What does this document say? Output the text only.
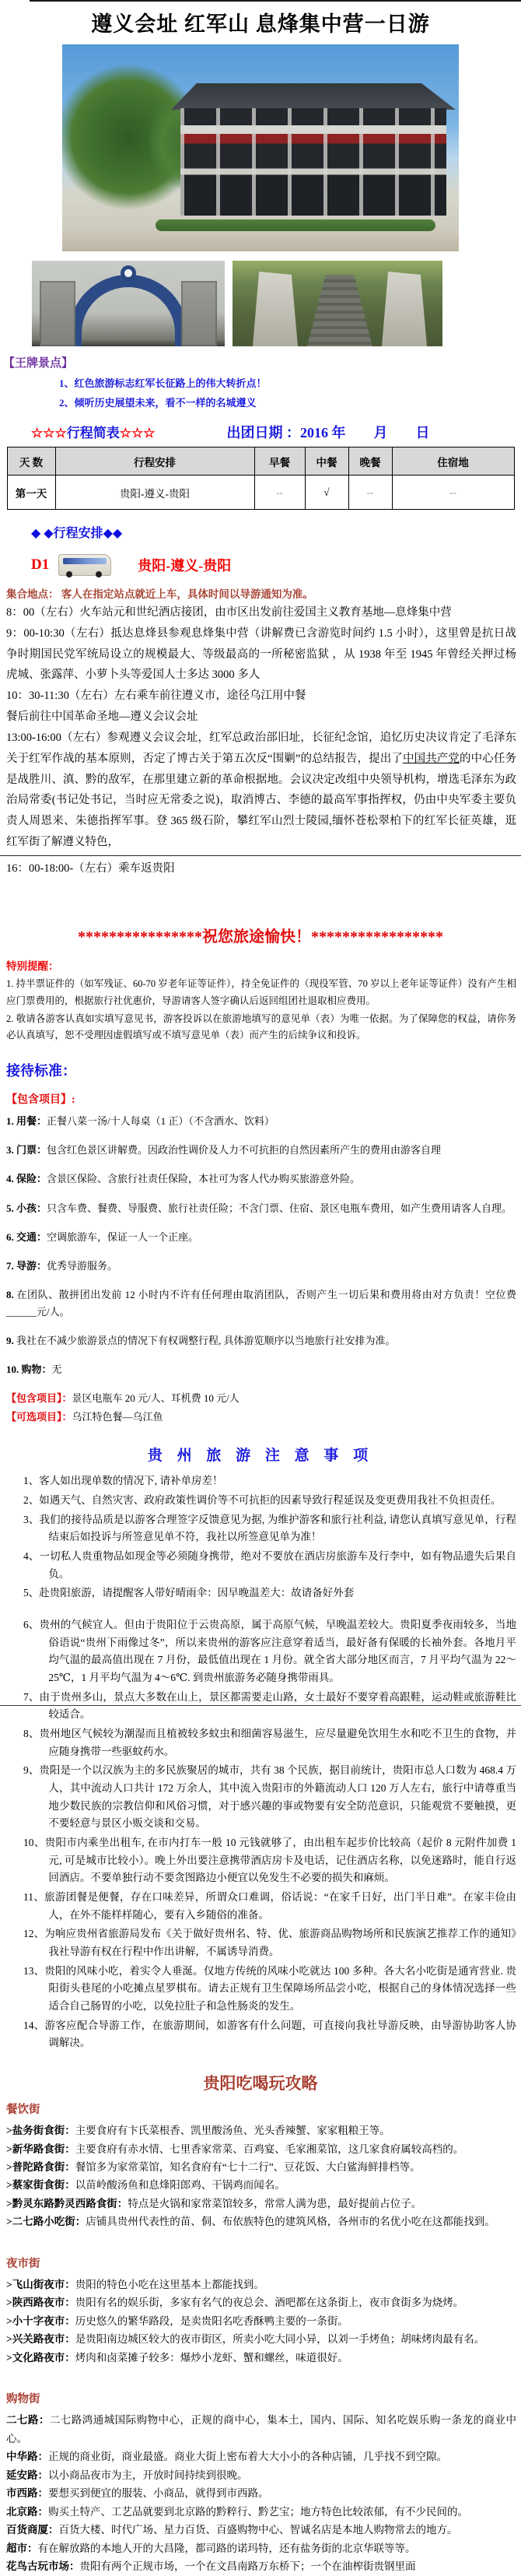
遵义会址 红军山 息烽集中营一日游
【王牌景点】
1、红色旅游标志红军长征路上的伟大转折点！
2、倾听历史展望未来，看不一样的名城遵义
☆☆☆ 行程简表 ☆☆☆	出团日期 ：2016 年　　月　　日
天 数	行程安排	早餐	中餐	晚餐	住宿地
第一天	贵阳-遵义-贵阳	--	√	--	--
◆ ◆行程安排◆◆
D1	贵阳-遵义-贵阳
集合地点： 客人在指定站点就近上车，具体时间以导游通知为准。
8：00（左右）火车站元和世纪酒店接团，由市区出发前往爱国主义教育基地—息烽集中营
9：00-10:30（左右）抵达息烽县参观息烽集中营（讲解费已含游览时间约 1.5 小时），这里曾是抗日战争时期国民党军统局设立的规模最大、等级最高的一所秘密监狱 ，从 1938 年至 1945 年曾经关押过杨虎城、张露萍、小萝卜头等爱国人士多达 3000 多人
10：30-11:30（左右）左右乘车前往遵义市，途径乌江用中餐
餐后前往中国革命圣地—遵义会议会址

13:00-16:00（左右）参观遵义会议会址，红军总政治部旧址，长征纪念馆，追忆历史决议肯定了毛泽东关于红军作战的基本原则，否定了博古关于第五次反“围剿”的总结报告，提出了中国共产党的中心任务是战胜川、滇、黔的敌军，在那里建立新的革命根据地。会议决定改组中央领导机构，增选毛泽东为政治局常委(书记处书记，当时应无常委之说)，取消博古、李德的最高军事指挥权，仍由中央军委主要负责人周恩来、朱德指挥军事。登 365 级石阶，攀红军山烈士陵园,缅怀苍松翠柏下的红军长征英雄，逛红军街了解遵义特色，

16：00-18:00-（左右）乘车返贵阳
****************祝您旅途愉快！*****************
特别提醒：
1. 持半票证件的（如军残证、60-70 岁老年证等证件），持全免证件的（现役军管、70 岁以上老年证等证件）没有产生相应门票费用的，根据旅行社优惠价，导游请客人签字确认后返回组团社退取相应费用。
2. 敬请各游客认真如实填写意见书，游客投诉以在旅游地填写的意见单（表）为唯一依据。为了保障您的权益，请你务必认真填写，恕不受理因虚假填写或不填写意见单（表）而产生的后续争议和投诉。
接待标准：
【包含项目】:
1. 用餐：正餐八菜一汤/十人每桌（1 正）（不含酒水、饮料）
3. 门票：包含红色景区讲解费。因政治性调价及人力不可抗拒的自然因素所产生的费用由游客自理
4. 保险：含景区保险、含旅行社责任保险，本社可为客人代办购买旅游意外险。
5. 小孩：只含车费、餐费、导服费、旅行社责任险；不含门票、住宿、景区电瓶车费用，如产生费用请客人自理。
6. 交通：空调旅游车，保证一人一个正座。
7. 导游：优秀导游服务。
8. 在团队、散拼团出发前 12 小时内不许有任何理由取消团队，否则产生一切后果和费用将由对方负责！空位费______元/人。
9. 我社在不减少旅游景点的情况下有权调整行程, 具体游览顺序以当地旅行社安排为准。
10. 购物：无
【包含项目】：景区电瓶车 20 元/人、耳机费 10 元/人
【可选项目】：乌江特色餐—乌江鱼
贵 州 旅 游 注 意 事 项
1、客人如出现单数的情况下, 请补单房差！
2、如遇天气、自然灾害、政府政策性调价等不可抗拒的因素导致行程延误及变更费用我社不负担责任。
3、我们的接待品质是以游客合理签字反馈意见为据, 为维护游客和旅行社利益, 请您认真填写意见单，行程结束后如投诉与所签意见单不符，我社以所签意见单为准！
4、一切私人贵重物品如现金等必须随身携带，绝对不要放在酒店房旅游车及行李中，如有物品遗失后果自负。
5、赴贵阳旅游，请提醒客人带好晴雨伞：因早晚温差大：故请备好外套
6、贵州的气候宜人。但由于贵阳位于云贵高原，属于高原气候，早晚温差较大。贵阳夏季夜雨较多，当地俗语说“贵州下雨像过冬”，所以来贵州的游客应注意穿着适当，最好备有保暖的长袖外套。各地月平均气温的最高值出现在 7 月份，最低值出现在 1 月份。就全省大部分地区而言，7 月平均气温为 22～25℃，1 月平均气温为 4～6℃. 到贵州旅游务必随身携带雨具。
7、由于贵州多山，景点大多数在山上，景区都需要走山路，女士最好不要穿着高跟鞋，运动鞋或旅游鞋比较适合。
8、贵州地区气候较为潮湿而且植被较多蚊虫和细菌容易滋生，应尽量避免饮用生水和吃不卫生的食物，并应随身携带一些驱蚊药水。
9、贵阳是一个以汉族为主的多民族聚居的城市，共有 38 个民族，据目前统计，贵阳市总人口数为 468.4 万人，其中流动人口共计 172 万余人，其中流入贵阳市的外籍流动人口 120 万人左右，旅行中请尊重当地少数民族的宗教信仰和风俗习惯，对于感兴趣的事或物要有安全防范意识，只能观赏不要触摸，更不要轻意与景区小贩交谈和交易。
10、贵阳市内乘坐出租车, 在市内打车一般 10 元钱就够了，由出租车起步价比较高（起价 8 元附件加费 1 元, 可是城市比较小）。晚上外出要注意携带酒店房卡及电话，记住酒店名称，以免迷路时，能自行返回酒店。不要单独行动不要贪图路边小便宜以免发生不必要的损失和麻烦。
11、旅游团餐是便餐，存在口味差异，所谓众口难调，俗话说：“在家千日好，出门半日难”。在家丰俭由人，在外不能样样随心，要有入乡随俗的准备。
12、为响应贵州省旅游局发布《关于做好贵州名、特、优、旅游商品购物场所和民族演艺推荐工作的通知》我社导游有权在行程中作出讲解，不属诱导消费。
13、贵阳的风味小吃，着实令人垂涎。仅地方传统的风味小吃就达 100 多种。各大名小吃街是通宵营业. 贵阳街头巷尾的小吃摊点星罗棋布。请去正规有卫生保障场所品尝小吃，根据自己的身体情况选择一些适合自己肠胃的小吃，以免拉肚子和急性肠炎的发生。
14、游客应配合导游工作，在旅游期间，如游客有什么问题，可直接向我社导游反映，由导游协助客人协调解决。
贵阳吃喝玩攻略
餐饮街
>盐务街食街：主要食府有卞氏菜根香、凯里酸汤鱼、光头香辣蟹、家家粗粮王等。
>新华路食街：主要食府有赤水情、七里香家常菜、百鸡宴、毛家湘菜馆，这几家食府属较高档的。
>普陀路食街：餐馆多为家常菜馆，知名食府有“七十二行”、豆花饭、大白鲨海鲜排档等。
>蔡家街食街：以苗岭酸汤鱼和息烽阳郎鸡、干锅鸡而闻名。
>黔灵东路黔灵西路食街：特点是火锅和家常菜馆较多，常常人满为患，最好提前占位子。
>二七路小吃街：店铺具贵州代表性的苗、侗、布依族特色的建筑风格，各州市的名优小吃在这都能找到。
夜市街
>飞山街夜市：贵阳的特色小吃在这里基本上都能找到。
>陕西路夜市：贵阳有名的娱乐街，多家有名气的夜总会、酒吧都在这条街上，夜市食街多为烧烤。
>小十字夜市：历史悠久的繁华路段，是卖贵阳名吃香酥鸭主要的一条街。
>兴关路夜市：是贵阳南边城区较大的夜市街区，所卖小吃大同小异，以刘一手烤鱼；胡味烤肉最有名。
>文化路夜市：烤肉和卤菜摊子较多：爆炒小龙虾、蟹和螺丝，味道很好。
购物街
二七路：二七路鸿通城国际购物中心，正规的商中心，集本土，国内、国际、知名吃娱乐购一条龙的商业中心。
中华路：正规的商业街，商业最盛。商业大街上密布着大大小小的各种店铺，几乎找不到空隙。
延安路：以小商品夜市为主，开放时间持续到很晚。
市西路：要想买到便宜的服装、小商品，就得到市西路。
北京路：购买土特产、工艺品就要到北京路的黔粹行、黔艺宝；地方特色比较浓郁，有不少民间的。
百货商厦：百货大楼、时代广场、星力百货、百盛购物中心、智诚名店是本地人购物常去的地方。
超市：有在解放路的本地人开的大昌隆，都司路的诺玛特，还有盐务街的北京华联等等。
花鸟古玩市场：贵阳有两个正规市场，一个在文昌南路万东桥下；一个在油榨街贵钢里面
